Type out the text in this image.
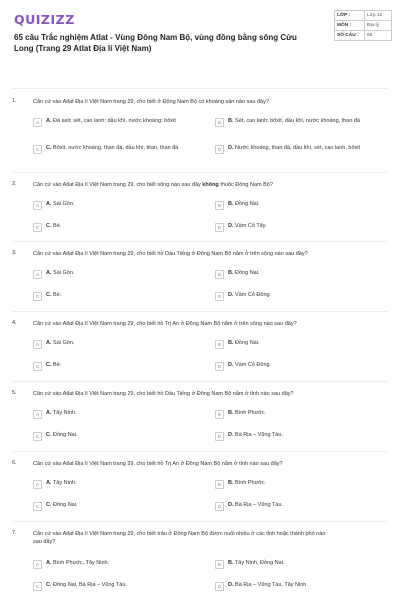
QUIZIZZ
65 câu Trắc nghiệm Atlat - Vùng Đông Nam Bộ, vùng đồng bằng sông Cửu Long (Trang 29 Atlat Địa lí Việt Nam)
LỚP :	Lớp 12
MÔN :	Địa lý
SỐ CÂU :	65
1.	Căn cứ vào Atlat Địa lí Việt Nam trang 29, cho biết ở Đông Nam Bộ có khoáng sản nào sau đây?
A	A. Đá axit; sét, cao lanh; dầu khí, nước khoáng; bôxit	B	B. Sét, cao lanh; bôxit, dầu khí, nước khoáng, than đá
C	C. Bôxit, nước khoáng, than đá, dầu khí, titan, than đá	D	D. Nước khoáng, than đá, dầu khí, sét, cao lanh, bôxit
2.	Căn cứ vào Atlat Địa lí Việt Nam trang 29, cho biết sông nào sau đây không thuộc Đông Nam Bộ?
A	A. Sài Gòn.	B	B. Đồng Nai.
C	C. Bé.	D	D. Vàm Cỏ Tây.
3.	Căn cứ vào Atlat Địa lí Việt Nam trang 29, cho biết hồ Dầu Tiếng ở Đông Nam Bộ nằm ở trên sông nào sau đây?
A	A. Sài Gòn.	B	B. Đồng Nai.
C	C. Bé.	D	D. Vàm Cỏ Đông.
4.	Căn cứ vào Atlat Địa lí Việt Nam trang 29, cho biết hồ Trị An ở Đông Nam Bộ nằm ở trên sông nào sau đây?
A	A. Sài Gòn.	B	B. Đồng Nai.
C	C. Bé.	D	D. Vàm Cỏ Đông.
5.	Căn cứ vào Atlat Địa lí Việt Nam trang 29, cho biết hồ Dầu Tiếng ở Đông Nam Bộ nằm ở tỉnh nào sau đây?
A	A. Tây Ninh.	B	B. Bình Phước.
C	C. Đồng Nai.	D	D. Bà Rịa – Vũng Tàu.
6.	Căn cứ vào Atlat Địa lí Việt Nam trang 29, cho biết hồ Trị An ở Đông Nam Bộ nằm ở tỉnh nào sau đây?
A	A. Tây Ninh.	B	B. Bình Phước.
C	C. Đồng Nai.	D	D. Bà Rịa – Vũng Tàu.
7.	Căn cứ vào Atlat Địa lí Việt Nam trang 29, cho biết trâu ở Đông Nam Bộ được nuôi nhiều ở các tỉnh hoặc thành phố nào sau đây?
A	A. Bình Phước, Tây Ninh.	B	B. Tây Ninh, Đồng Nai.
C	C. Đồng Nai, Bà Rịa – Vũng Tàu.	D	D. Bà Rịa – Vũng Tàu, Tây Ninh.
